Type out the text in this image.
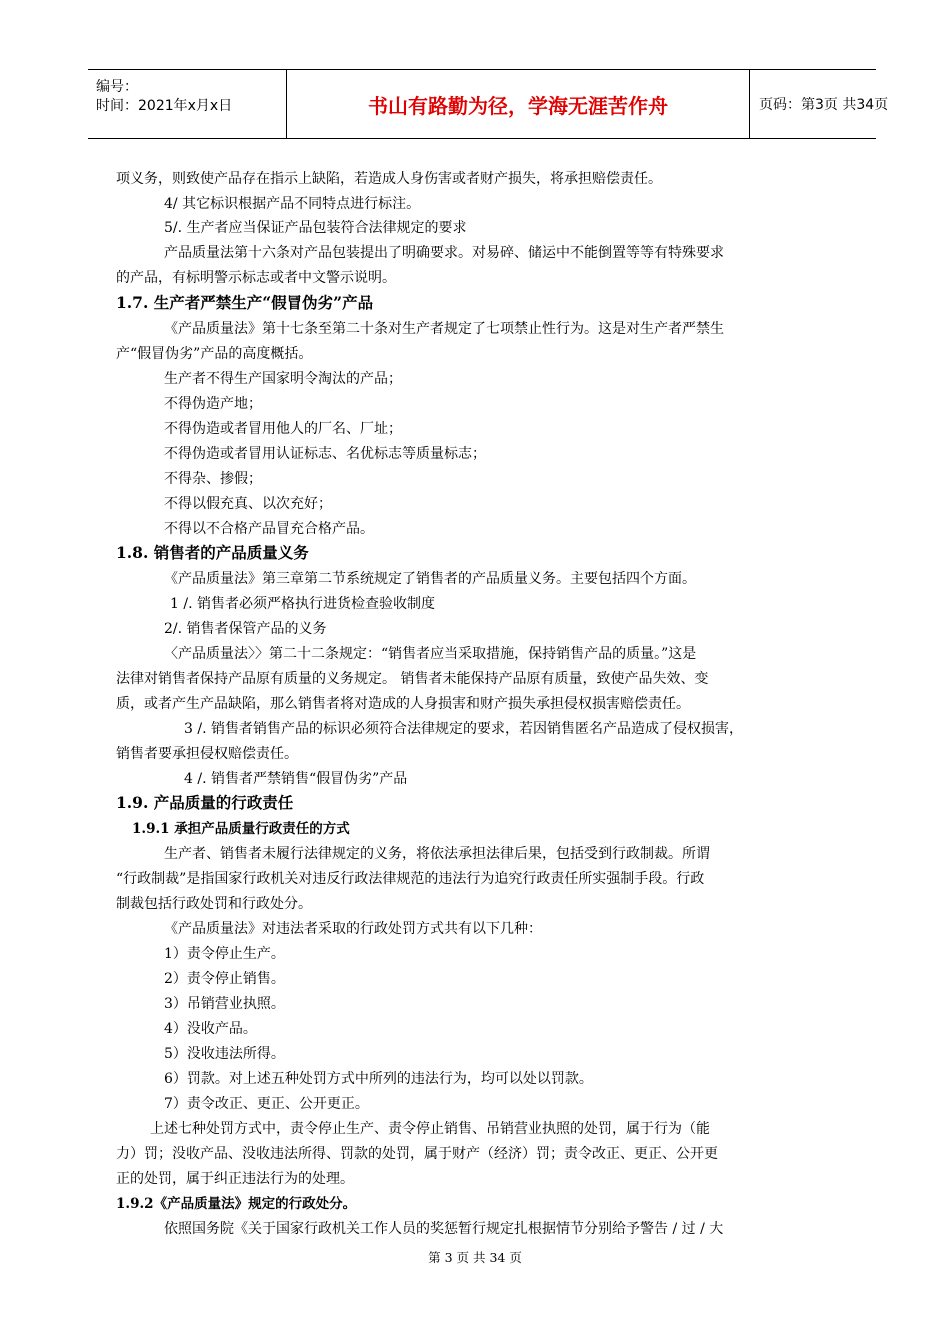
编号：
时间：2021年x月x日	书山有路勤为径，学海无涯苦作舟	页码：第3页 共34页
项义务，则致使产品存在指示上缺陷，若造成人身伤害或者财产损失，将承担赔偿责任。
4/ 其它标识根据产品不同特点进行标注。
5/. 生产者应当保证产品包装符合法律规定的要求
产品质量法第十六条对产品包装提出了明确要求。对易碎、储运中不能倒置等等有特殊要求
的产品，有标明警示标志或者中文警示说明。
1.7. 生产者严禁生产“假冒伪劣”产品
《产品质量法》第十七条至第二十条对生产者规定了七项禁止性行为。这是对生产者严禁生
产“假冒伪劣”产品的高度概括。
生产者不得生产国家明令淘汰的产品；
不得伪造产地；
不得伪造或者冒用他人的厂名、厂址；
不得伪造或者冒用认证标志、名优标志等质量标志；
不得杂、掺假；
不得以假充真、以次充好；
不得以不合格产品冒充合格产品。
1.8. 销售者的产品质量义务
《产品质量法》第三章第二节系统规定了销售者的产品质量义务。主要包括四个方面。
1 /. 销售者必须严格执行进货检查验收制度
2/. 销售者保管产品的义务
〈产品质量法〉〉第二十二条规定：“销售者应当采取措施，保持销售产品的质量。”这是
法律对销售者保持产品原有质量的义务规定。 销售者未能保持产品原有质量，致使产品失效、变
质，或者产生产品缺陷，那么销售者将对造成的人身损害和财产损失承担侵权损害赔偿责任。
3 /. 销售者销售产品的标识必须符合法律规定的要求，若因销售匿名产品造成了侵权损害，
销售者要承担侵权赔偿责任。
4 /. 销售者严禁销售“假冒伪劣”产品
1.9. 产品质量的行政责任
1.9.1 承担产品质量行政责任的方式
生产者、销售者未履行法律规定的义务，将依法承担法律后果，包括受到行政制裁。所谓
“行政制裁”是指国家行政机关对违反行政法律规范的违法行为追究行政责任所实强制手段。行政
制裁包括行政处罚和行政处分。
《产品质量法》对违法者采取的行政处罚方式共有以下几种：
1）责令停止生产。
2）责令停止销售。
3）吊销营业执照。
4）没收产品。
5）没收违法所得。
6）罚款。对上述五种处罚方式中所列的违法行为，均可以处以罚款。
7）责令改正、更正、公开更正。
上述七种处罚方式中，责令停止生产、责令停止销售、吊销营业执照的处罚，属于行为（能
力）罚；没收产品、没收违法所得、罚款的处罚，属于财产（经济）罚；责令改正、更正、公开更
正的处罚，属于纠正违法行为的处理。
1.9.2《产品质量法》规定的行政处分。
依照国务院《关于国家行政机关工作人员的奖惩暂行规定扎根据情节分别给予警告 / 过 / 大
第 3 页 共 34 页
